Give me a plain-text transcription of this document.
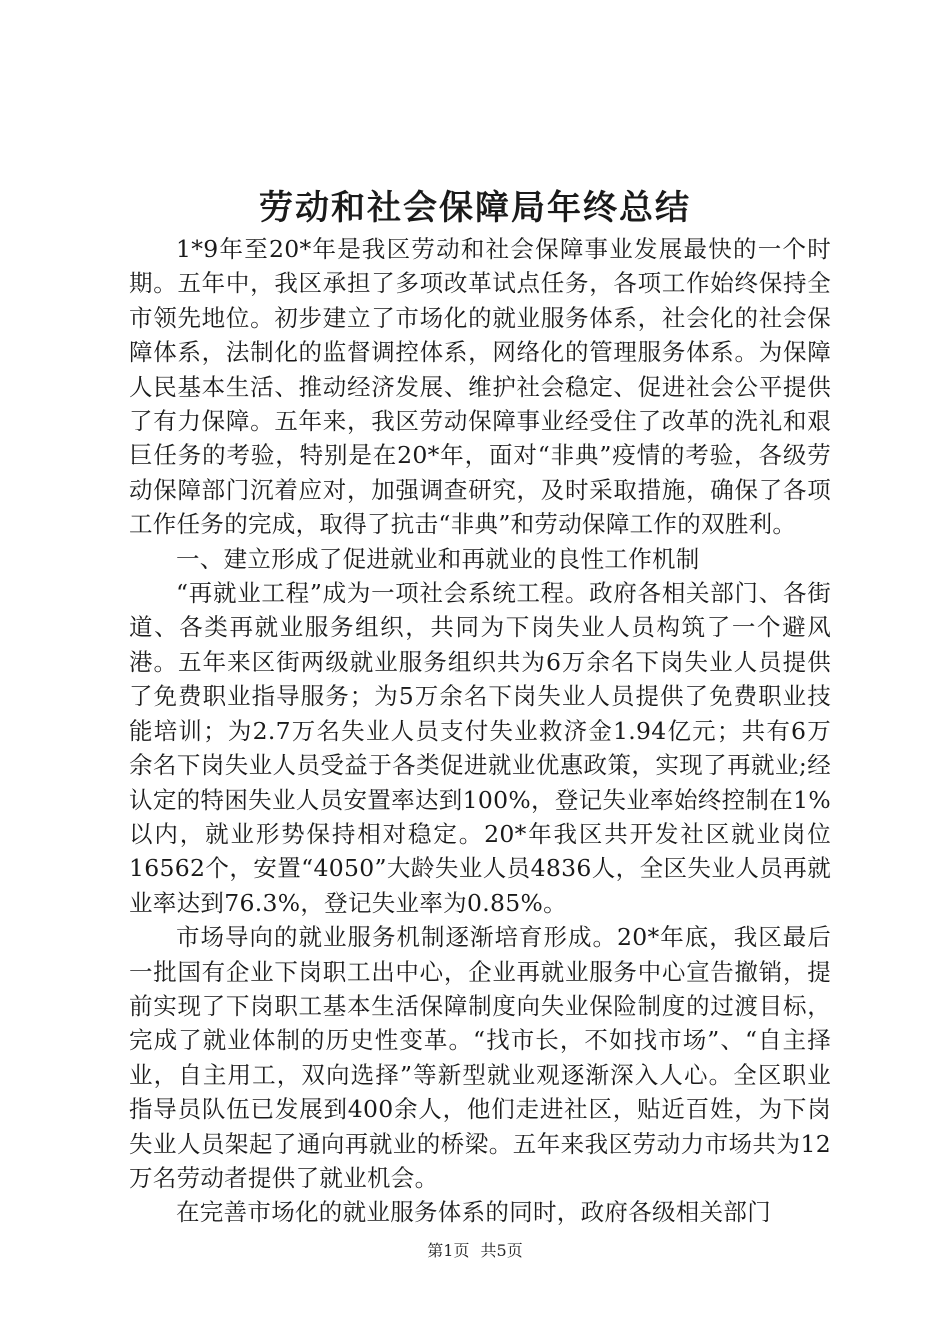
劳动和社会保障局年终总结

1*9年至20*年是我区劳动和社会保障事业发展最快的一个时期。五年中，我区承担了多项改革试点任务，各项工作始终保持全市领先地位。初步建立了市场化的就业服务体系，社会化的社会保障体系，法制化的监督调控体系，网络化的管理服务体系。为保障人民基本生活、推动经济发展、维护社会稳定、促进社会公平提供了有力保障。五年来，我区劳动保障事业经受住了改革的洗礼和艰巨任务的考验，特别是在20*年，面对“非典”疫情的考验，各级劳动保障部门沉着应对，加强调查研究，及时采取措施，确保了各项工作任务的完成，取得了抗击“非典”和劳动保障工作的双胜利。

一、建立形成了促进就业和再就业的良性工作机制

“再就业工程”成为一项社会系统工程。政府各相关部门、各街道、各类再就业服务组织，共同为下岗失业人员构筑了一个避风港。五年来区街两级就业服务组织共为6万余名下岗失业人员提供了免费职业指导服务；为5万余名下岗失业人员提供了免费职业技能培训；为2.7万名失业人员支付失业救济金1.94亿元；共有6万余名下岗失业人员受益于各类促进就业优惠政策，实现了再就业;经认定的特困失业人员安置率达到100%，登记失业率始终控制在1%以内，就业形势保持相对稳定。20*年我区共开发社区就业岗位16562个，安置“4050”大龄失业人员4836人，全区失业人员再就业率达到76.3%，登记失业率为0.85%。

市场导向的就业服务机制逐渐培育形成。20*年底，我区最后一批国有企业下岗职工出中心，企业再就业服务中心宣告撤销，提前实现了下岗职工基本生活保障制度向失业保险制度的过渡目标，完成了就业体制的历史性变革。“找市长，不如找市场”、“自主择业，自主用工，双向选择”等新型就业观逐渐深入人心。全区职业指导员队伍已发展到400余人，他们走进社区，贴近百姓，为下岗失业人员架起了通向再就业的桥梁。五年来我区劳动力市场共为12万名劳动者提供了就业机会。

在完善市场化的就业服务体系的同时，政府各级相关部门

第1页 共5页
